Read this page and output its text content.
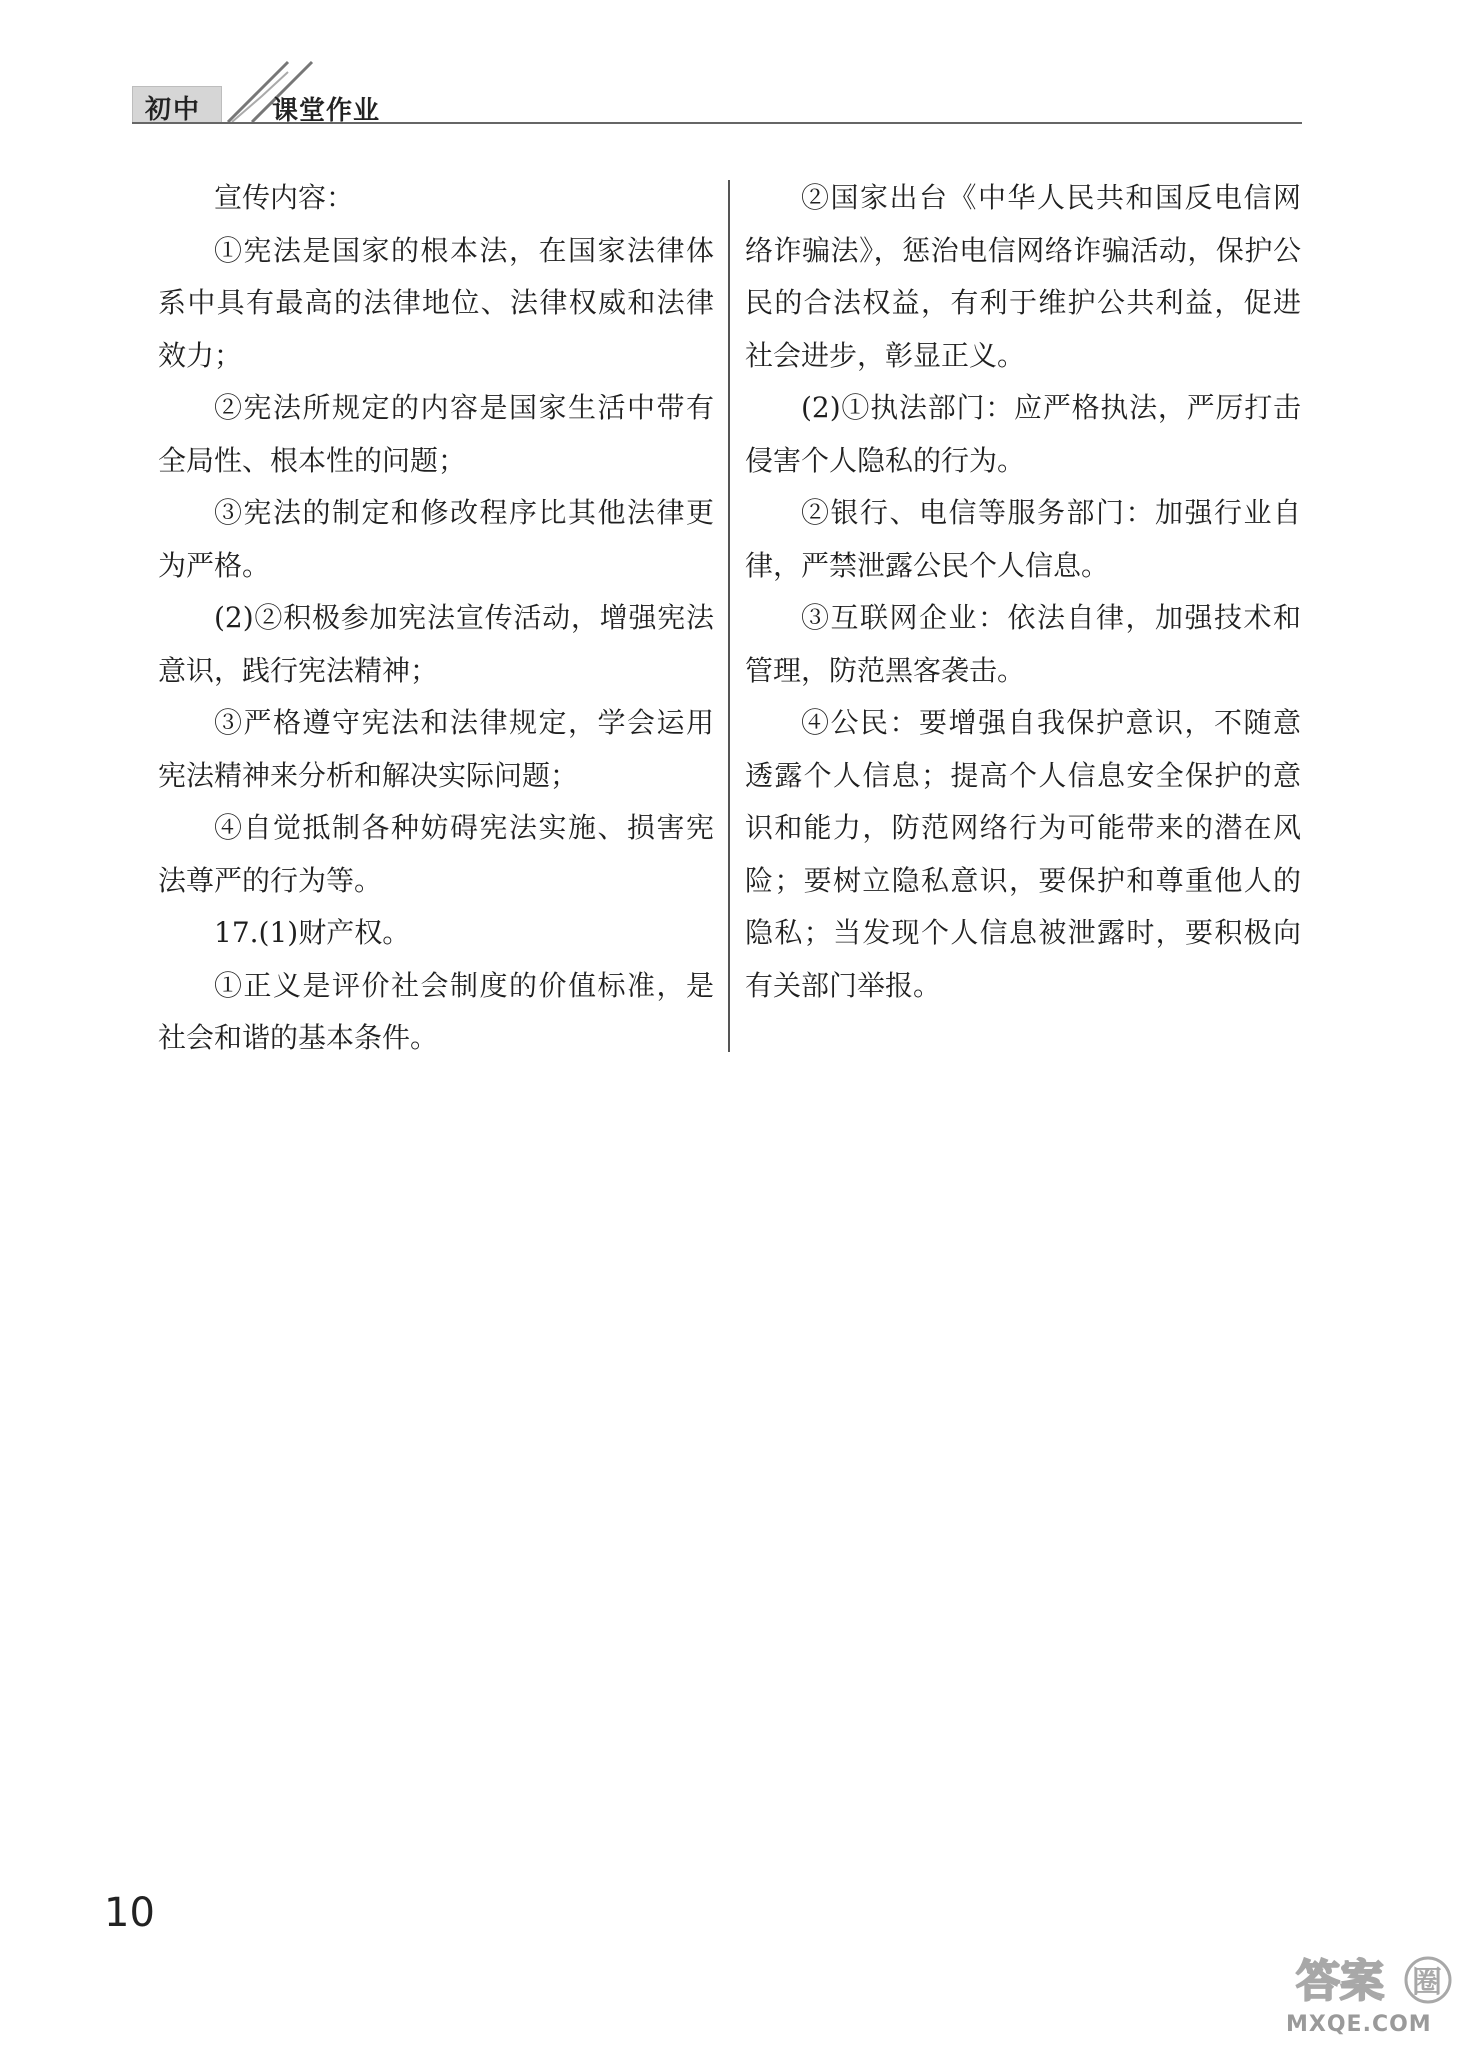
初中	课堂作业

宣传内容：

①宪法是国家的根本法，在国家法律体系中具有最高的法律地位、法律权威和法律效力；

②宪法所规定的内容是国家生活中带有全局性、根本性的问题；

③宪法的制定和修改程序比其他法律更为严格。

(2)②积极参加宪法宣传活动，增强宪法意识，践行宪法精神；

③严格遵守宪法和法律规定，学会运用宪法精神来分析和解决实际问题；

④自觉抵制各种妨碍宪法实施、损害宪法尊严的行为等。

17.(1)财产权。

①正义是评价社会制度的价值标准，是社会和谐的基本条件。

②国家出台《中华人民共和国反电信网络诈骗法》，惩治电信网络诈骗活动，保护公民的合法权益，有利于维护公共利益，促进社会进步，彰显正义。

(2)①执法部门：应严格执法，严厉打击侵害个人隐私的行为。

②银行、电信等服务部门：加强行业自律，严禁泄露公民个人信息。

③互联网企业：依法自律，加强技术和管理，防范黑客袭击。

④公民：要增强自我保护意识，不随意透露个人信息；提高个人信息安全保护的意识和能力，防范网络行为可能带来的潜在风险；要树立隐私意识，要保护和尊重他人的隐私；当发现个人信息被泄露时，要积极向有关部门举报。

10
答案 圈
MXQE.COM
